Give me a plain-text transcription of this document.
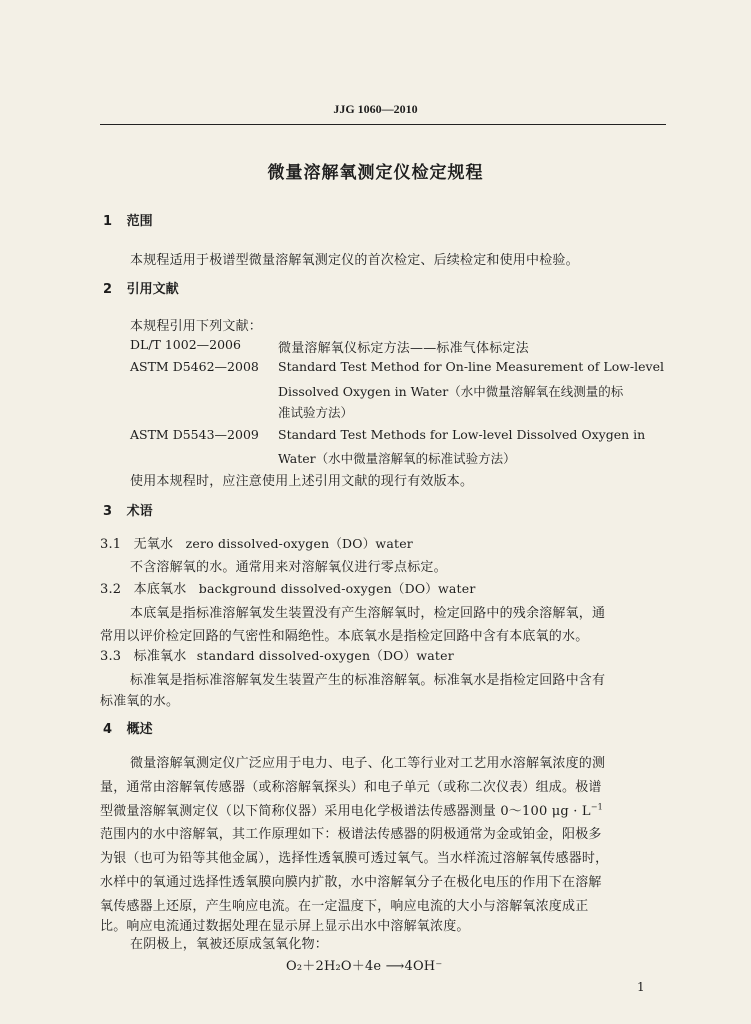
JJG 1060—2010
微量溶解氧测定仪检定规程
1 范围
本规程适用于极谱型微量溶解氧测定仪的首次检定、后续检定和使用中检验。
2 引用文献
本规程引用下列文献：
DL/T 1002—2006	微量溶解氧仪标定方法——标准气体标定法
ASTM D5462—2008 Standard Test Method for On-line Measurement of Low-level
Dissolved Oxygen in Water（水中微量溶解氧在线测量的标
准试验方法）
ASTM D5543—2009 Standard Test Methods for Low-level Dissolved Oxygen in
Water（水中微量溶解氧的标准试验方法）
使用本规程时，应注意使用上述引用文献的现行有效版本。
3 术语
3.1 无氧水 zero dissolved-oxygen（DO）water
不含溶解氧的水。通常用来对溶解氧仪进行零点标定。
3.2 本底氧水 background dissolved-oxygen（DO）water
本底氧是指标准溶解氧发生装置没有产生溶解氧时，检定回路中的残余溶解氧，通
常用以评价检定回路的气密性和隔绝性。本底氧水是指检定回路中含有本底氧的水。
3.3 标准氧水 standard dissolved-oxygen（DO）water
标准氧是指标准溶解氧发生装置产生的标准溶解氧。标准氧水是指检定回路中含有
标准氧的水。
4 概述
微量溶解氧测定仪广泛应用于电力、电子、化工等行业对工艺用水溶解氧浓度的测
量，通常由溶解氧传感器（或称溶解氧探头）和电子单元（或称二次仪表）组成。极谱
型微量溶解氧测定仪（以下简称仪器）采用电化学极谱法传感器测量 0～100 $\mu g \cdot L^{-1}$
范围内的水中溶解氧，其工作原理如下：极谱法传感器的阴极通常为金或铂金，阳极多
为银（也可为铅等其他金属），选择性透氧膜可透过氧气。当水样流过溶解氧传感器时，
水样中的氧通过选择性透氧膜向膜内扩散，水中溶解氧分子在极化电压的作用下在溶解
氧传感器上还原，产生响应电流。在一定温度下，响应电流的大小与溶解氧浓度成正
比。响应电流通过数据处理在显示屏上显示出水中溶解氧浓度。
在阴极上，氧被还原成氢氧化物：
O₂＋2H₂O＋4e ⟶4OH⁻
1
